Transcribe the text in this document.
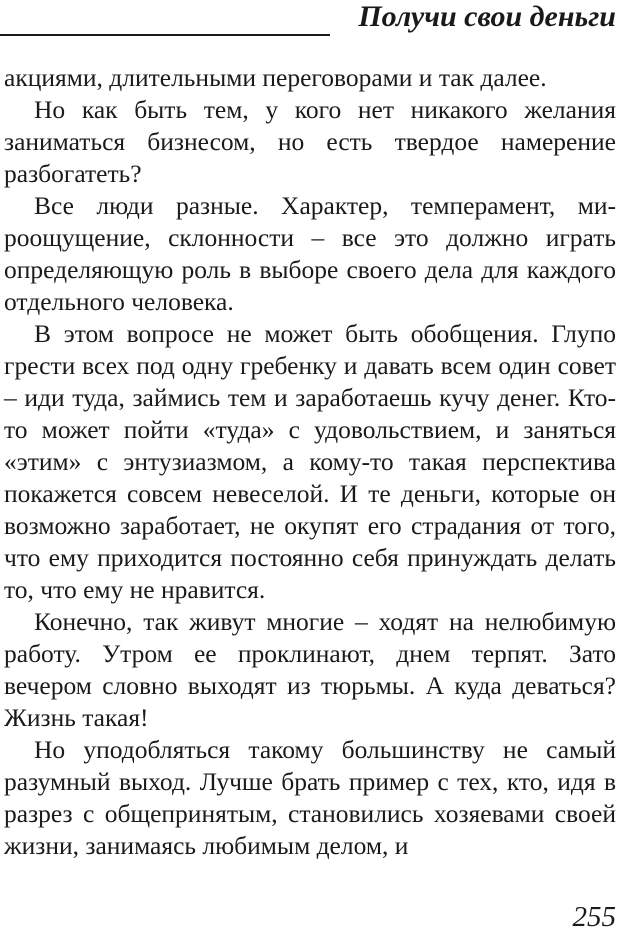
Получи свои деньги

акциями, длительными переговорами и так далее.

Но как быть тем, у кого нет никакого желания заниматься бизнесом, но есть твердое намерение разбогатеть?

Все люди разные. Характер, темперамент, мироощущение, склонности – все это должно играть определяющую роль в выборе своего дела для каждого отдельного человека.

В этом вопросе не может быть обобщения. Глупо грести всех под одну гребенку и давать всем один совет – иди туда, займись тем и заработаешь кучу денег. Кто-то может пойти «туда» с удовольствием, и заняться «этим» с энтузиазмом, а кому-то такая перспектива покажется совсем невеселой. И те деньги, которые он возможно заработает, не окупят его страдания от того, что ему приходится постоянно себя принуждать делать то, что ему не нравится.

Конечно, так живут многие – ходят на нелюбимую работу. Утром ее проклинают, днем терпят. Зато вечером словно выходят из тюрьмы. А куда деваться? Жизнь такая!

Но уподобляться такому большинству не самый разумный выход. Лучше брать пример с тех, кто, идя в разрез с общепринятым, становились хозяевами своей жизни, занимаясь любимым делом, и

255
